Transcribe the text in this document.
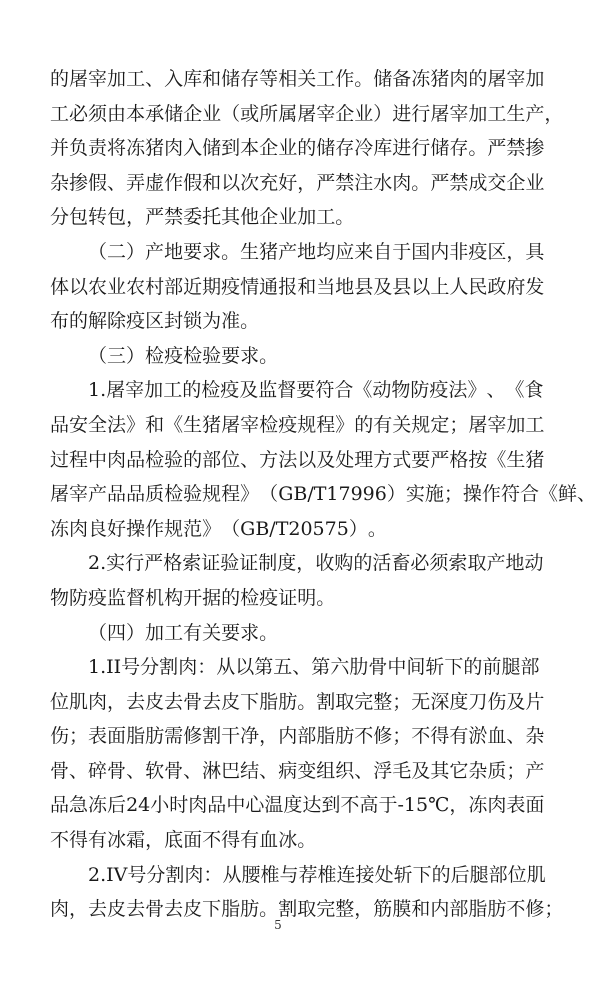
的 屠 宰 加 工 、 入 库 和 储 存 等 相 关 工 作 。 储 备 冻 猪 肉 的 屠 宰 加
工 必 须 由 本 承 储 企 业 （ 或 所 属 屠 宰 企 业 ） 进 行 屠 宰 加 工 生 产 ，
并 负 责 将 冻 猪 肉 入 储 到 本 企 业 的 储 存 冷 库 进 行 储 存 。 严 禁 掺
杂 掺 假 、 弄 虚 作 假 和 以 次 充 好 ， 严 禁 注 水 肉 。 严 禁 成 交 企 业
分 包 转 包 ， 严 禁 委 托 其 他 企 业 加 工 。
（ 二 ） 产 地 要 求 。 生 猪 产 地 均 应 来 自 于 国 内 非 疫 区 ， 具
体 以 农 业 农 村 部 近 期 疫 情 通 报 和 当 地 县 及 县 以 上 人 民 政 府 发
布 的 解 除 疫 区 封 锁 为 准 。
（ 三 ） 检 疫 检 验 要 求 。
1. 屠 宰 加 工 的 检 疫 及 监 督 要 符 合 《 动 物 防 疫 法 》 、 《 食
品 安 全 法 》 和 《 生 猪 屠 宰 检 疫 规 程 》 的 有 关 规 定 ； 屠 宰 加 工
过 程 中 肉 品 检 验 的 部 位 、 方 法 以 及 处 理 方 式 要 严 格 按 《 生 猪
屠 宰 产 品 品 质 检 验 规 程 》 （ GB/T17996 ） 实 施 ； 操 作 符 合 《 鲜 、
冻 肉 良 好 操 作 规 范 》 （ GB/T20575 ） 。
2. 实 行 严 格 索 证 验 证 制 度 ， 收 购 的 活 畜 必 须 索 取 产 地 动
物 防 疫 监 督 机 构 开 据 的 检 疫 证 明 。
（ 四 ） 加 工 有 关 要 求 。
1.II 号 分 割 肉 ： 从 以 第 五 、 第 六 肋 骨 中 间 斩 下 的 前 腿 部
位 肌 肉 ， 去 皮 去 骨 去 皮 下 脂 肪 。 割 取 完 整 ； 无 深 度 刀 伤 及 片
伤 ； 表 面 脂 肪 需 修 割 干 净 ， 内 部 脂 肪 不 修 ； 不 得 有 淤 血 、 杂
骨 、 碎 骨 、 软 骨 、 淋 巴 结 、 病 变 组 织 、 浮 毛 及 其 它 杂 质 ； 产
品 急 冻 后 24 小 时 肉 品 中 心 温 度 达 到 不 高 于 -15 ℃ ， 冻 肉 表 面
不 得 有 冰 霜 ， 底 面 不 得 有 血 冰 。
2.IV 号 分 割 肉 ： 从 腰 椎 与 荐 椎 连 接 处 斩 下 的 后 腿 部 位 肌
肉 ， 去 皮 去 骨 去 皮 下 脂 肪 。 割 取 完 整 ， 筋 膜 和 内 部 脂 肪 不 修 ；
5
